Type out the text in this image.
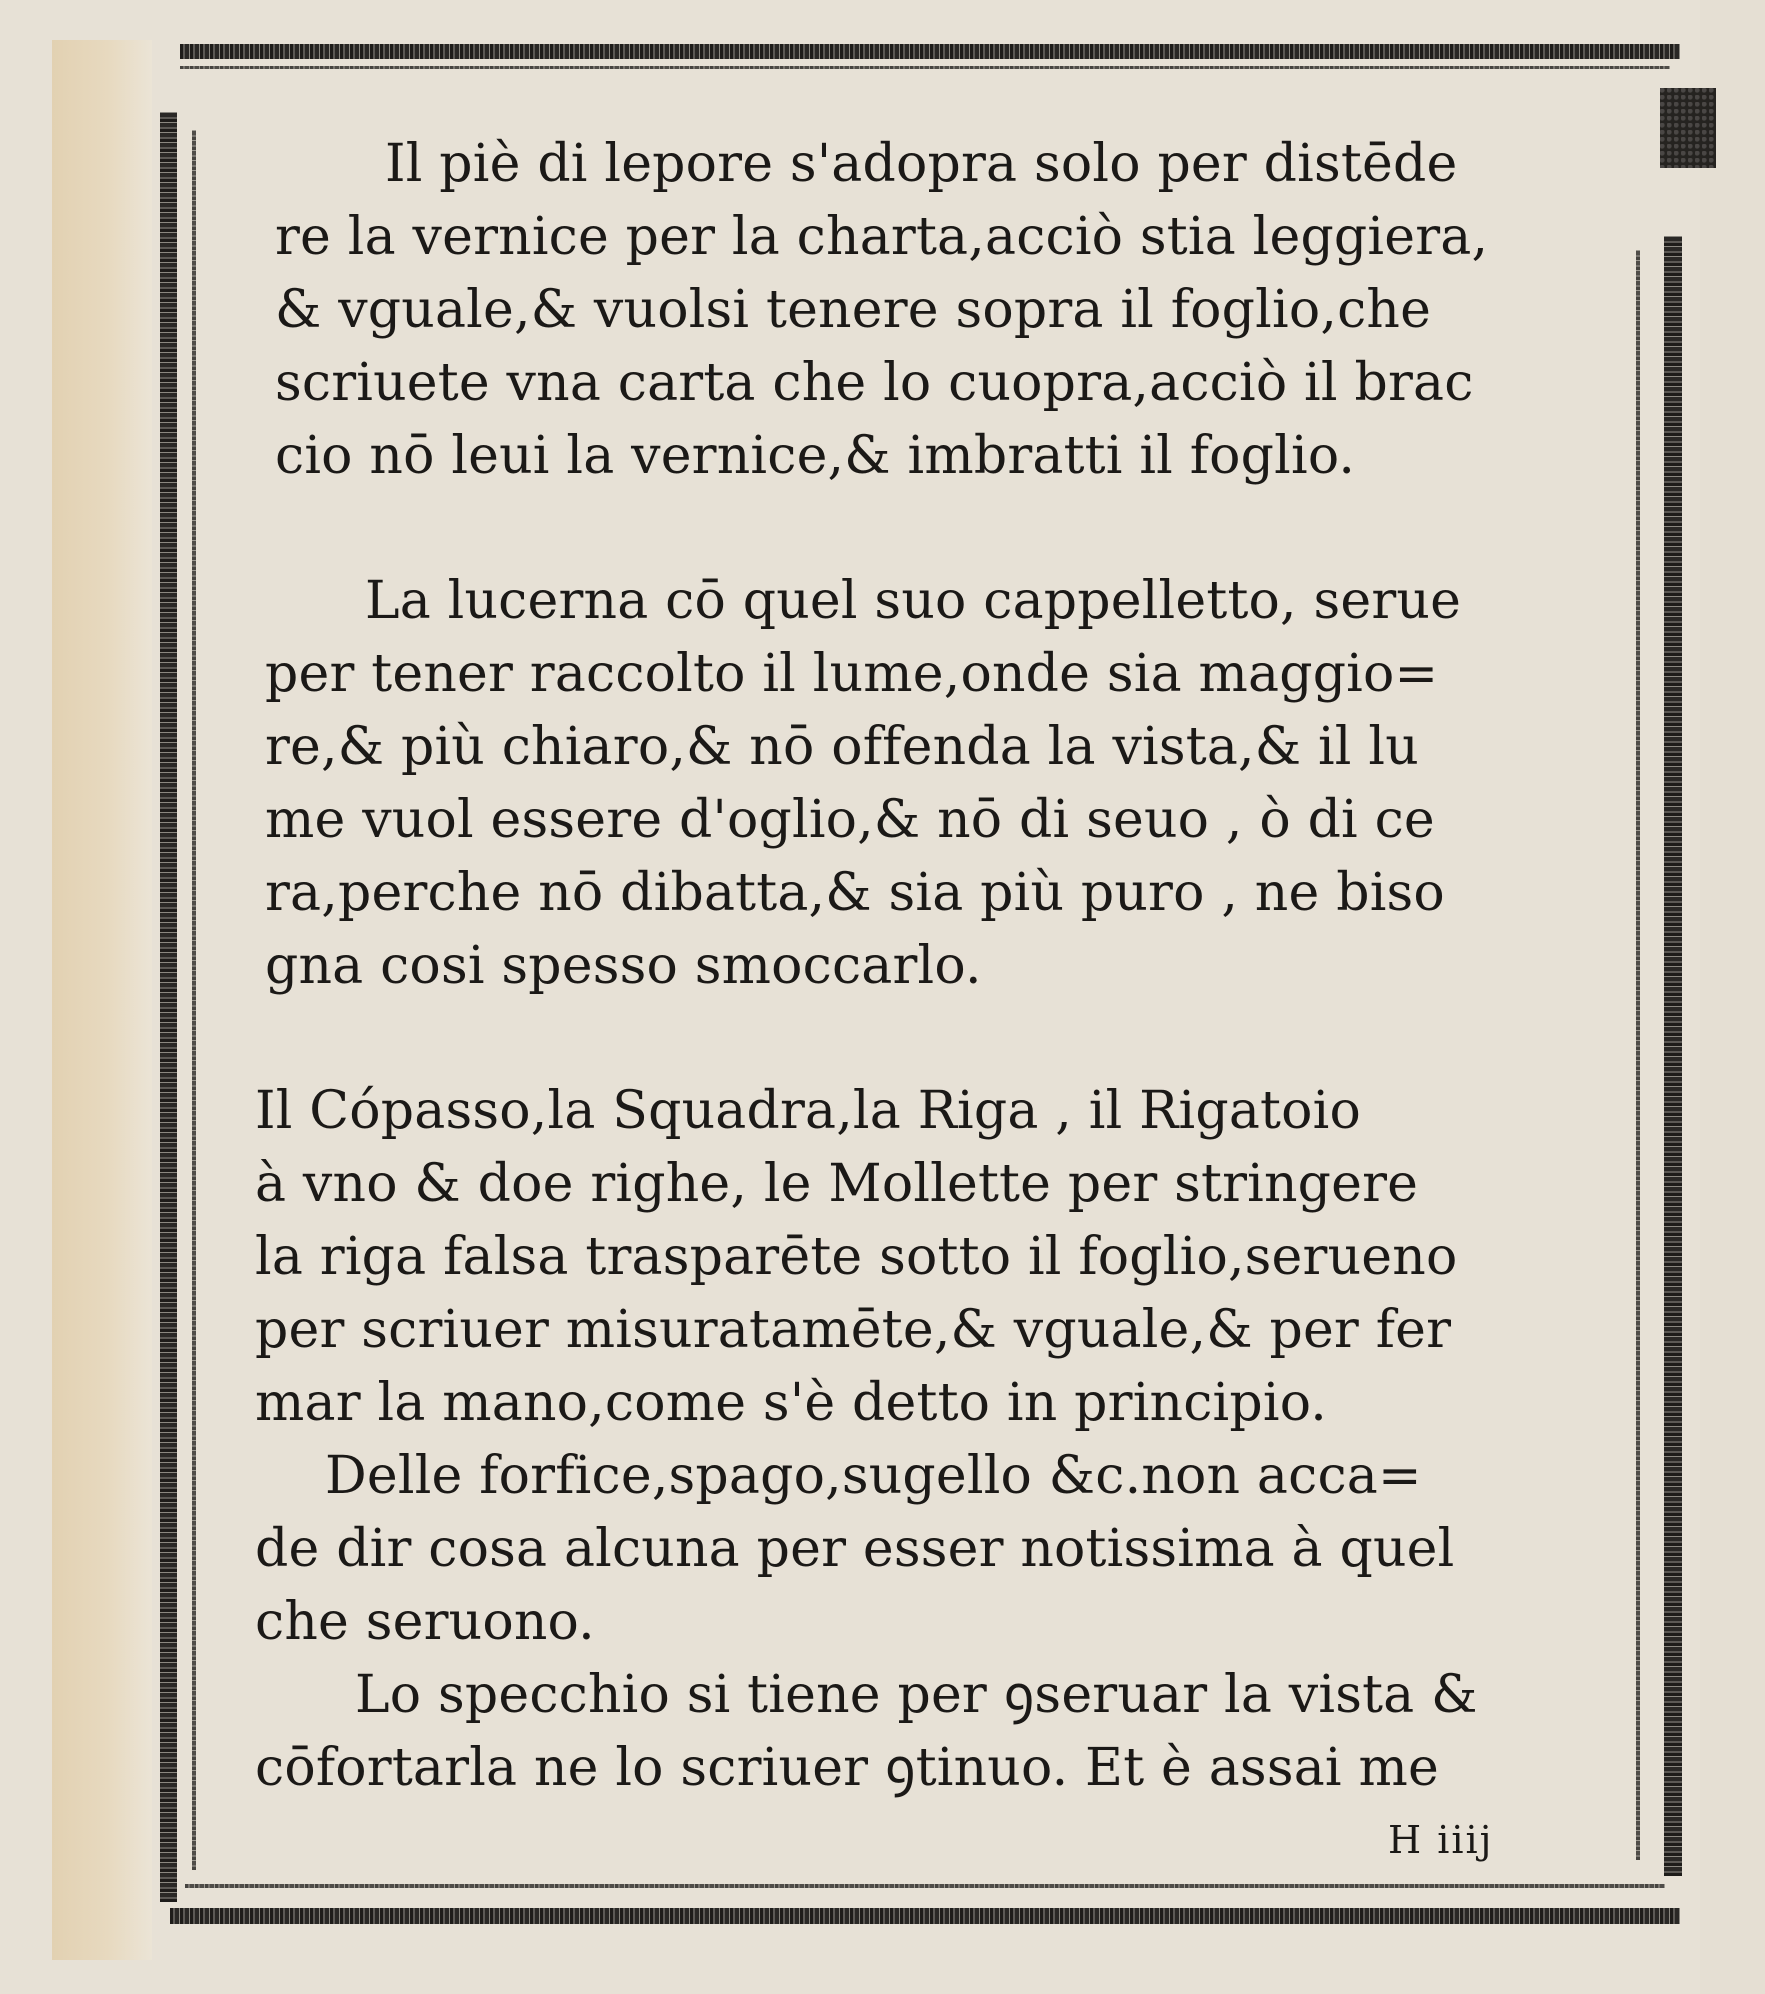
Il piè di lepore s'adopra solo per distēde
re la vernice per la charta,acciò stia leggiera,
& vguale,& vuolsi tenere sopra il foglio,che
scriuete vna carta che lo cuopra,acciò il brac
cio nō leui la vernice,& imbratti il foglio.
La lucerna cō quel suo cappelletto, serue
per tener raccolto il lume,onde sia maggio=
re,& più chiaro,& nō offenda la vista,& il lu
me vuol essere d'oglio,& nō di seuo , ò di ce
ra,perche nō dibatta,& sia più puro , ne biso
gna cosi spesso smoccarlo.
Il Cópasso,la Squadra,la Riga , il Rigatoio
à vno & doe righe, le Mollette per stringere
la riga falsa trasparēte sotto il foglio,serueno
per scriuer misuratamēte,& vguale,& per fer
mar la mano,come s'è detto in principio.
Delle forfice,spago,sugello &c.non acca=
de dir cosa alcuna per esser notissima à quel
che seruono.
Lo specchio si tiene per ꝯseruar la vista &
cōfortarla ne lo scriuer ꝯtinuo. Et è assai me
H iiij
